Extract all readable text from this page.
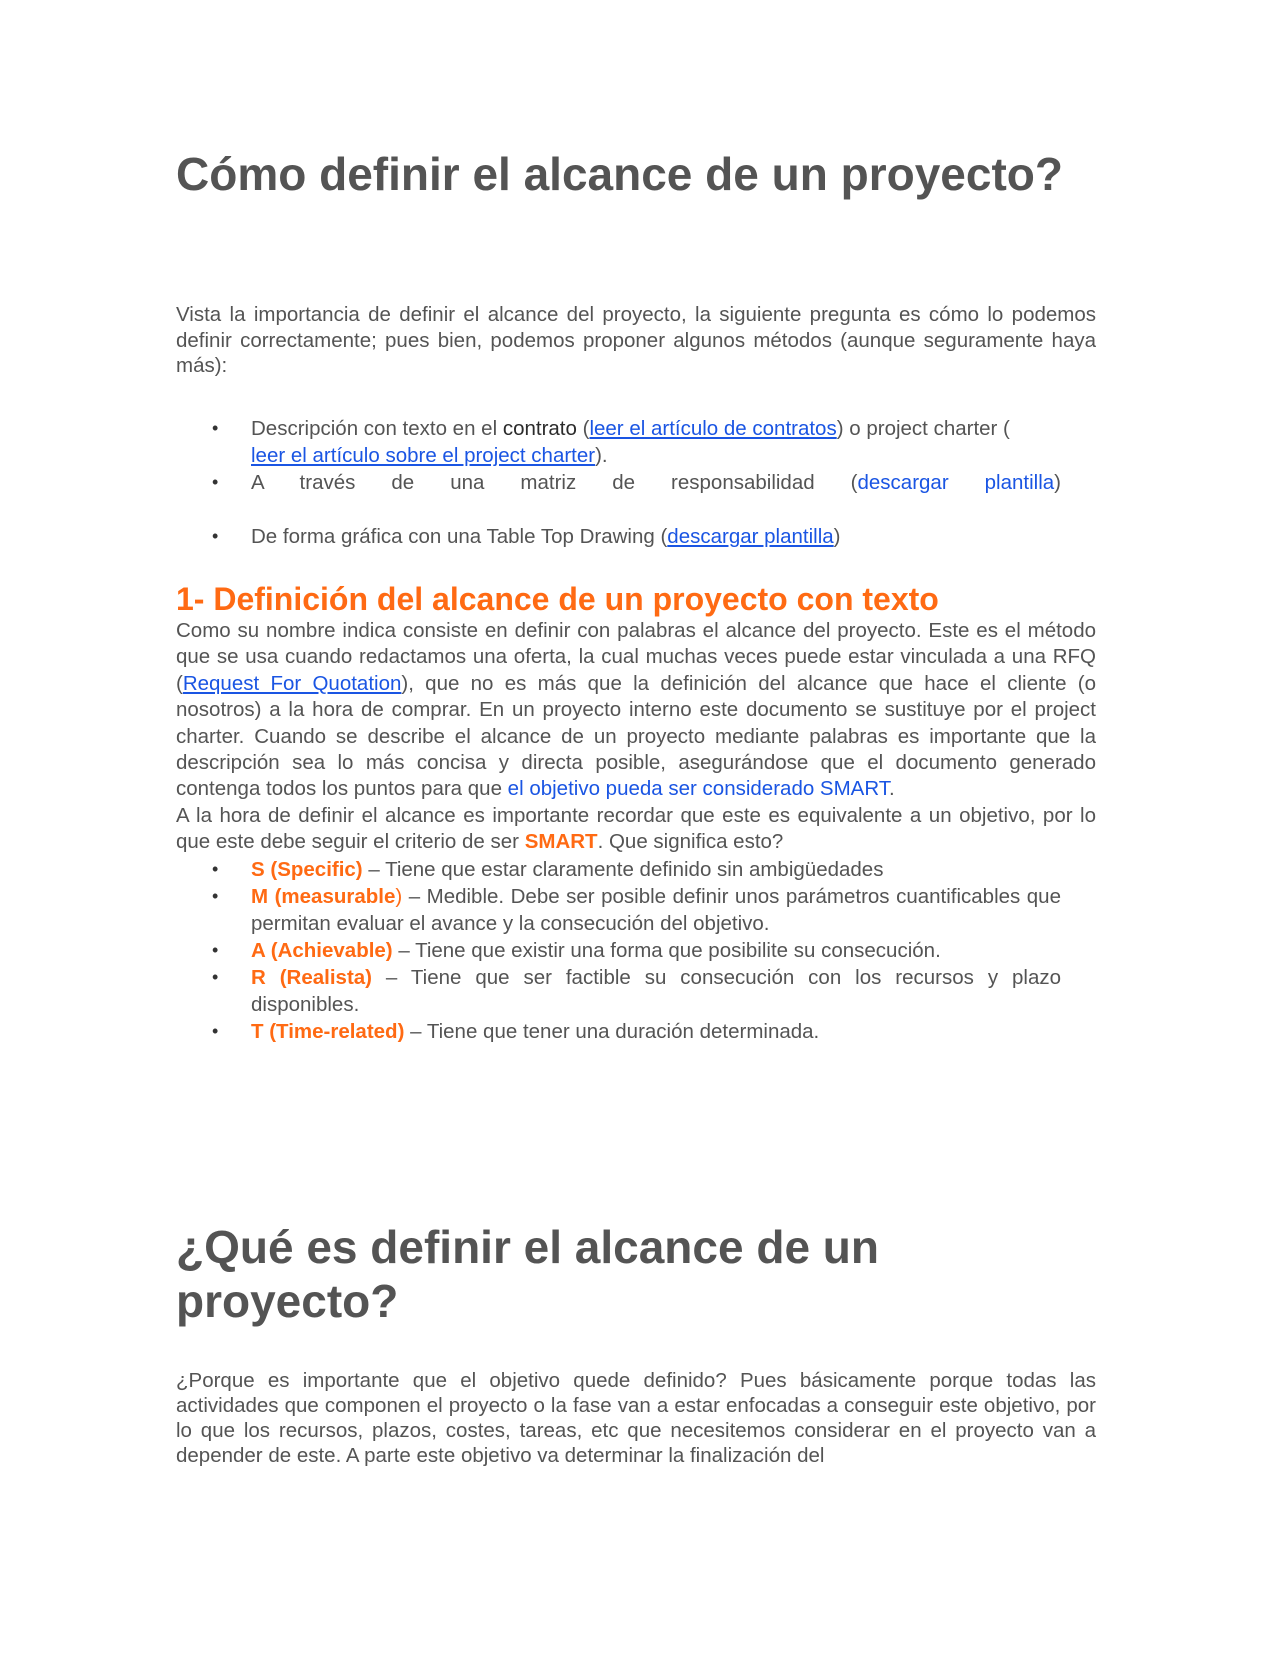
Cómo definir el alcance de un proyecto?

Vista la importancia de definir el alcance del proyecto, la siguiente pregunta es cómo lo podemos definir correctamente; pues bien, podemos proponer algunos métodos (aunque seguramente haya más):

• Descripción con texto en el contrato (leer el artículo de contratos) o project charter (
leer el artículo sobre el project charter).
• A través de una matriz de responsabilidad (descargar plantilla)
• De forma gráfica con una Table Top Drawing (descargar plantilla)
1- Definición del alcance de un proyecto con texto

Como su nombre indica consiste en definir con palabras el alcance del proyecto. Este es el método que se usa cuando redactamos una oferta, la cual muchas veces puede estar vinculada a una RFQ (Request For Quotation), que no es más que la definición del alcance que hace el cliente (o nosotros) a la hora de comprar. En un proyecto interno este documento se sustituye por el project charter. Cuando se describe el alcance de un proyecto mediante palabras es importante que la descripción sea lo más concisa y directa posible, asegurándose que el documento generado contenga todos los puntos para que el objetivo pueda ser considerado SMART.

A la hora de definir el alcance es importante recordar que este es equivalente a un objetivo, por lo que este debe seguir el criterio de ser SMART. Que significa esto?

• S (Specific) – Tiene que estar claramente definido sin ambigüedades
• M (measurable) – Medible. Debe ser posible definir unos parámetros cuantificables que permitan evaluar el avance y la consecución del objetivo.
• A (Achievable) – Tiene que existir una forma que posibilite su consecución.
• R (Realista) – Tiene que ser factible su consecución con los recursos y plazo disponibles.
• T (Time-related) – Tiene que tener una duración determinada.
¿Qué es definir el alcance de un proyecto?

¿Porque es importante que el objetivo quede definido? Pues básicamente porque todas las actividades que componen el proyecto o la fase van a estar enfocadas a conseguir este objetivo, por lo que los recursos, plazos, costes, tareas, etc que necesitemos considerar en el proyecto van a depender de este. A parte este objetivo va determinar la finalización del
